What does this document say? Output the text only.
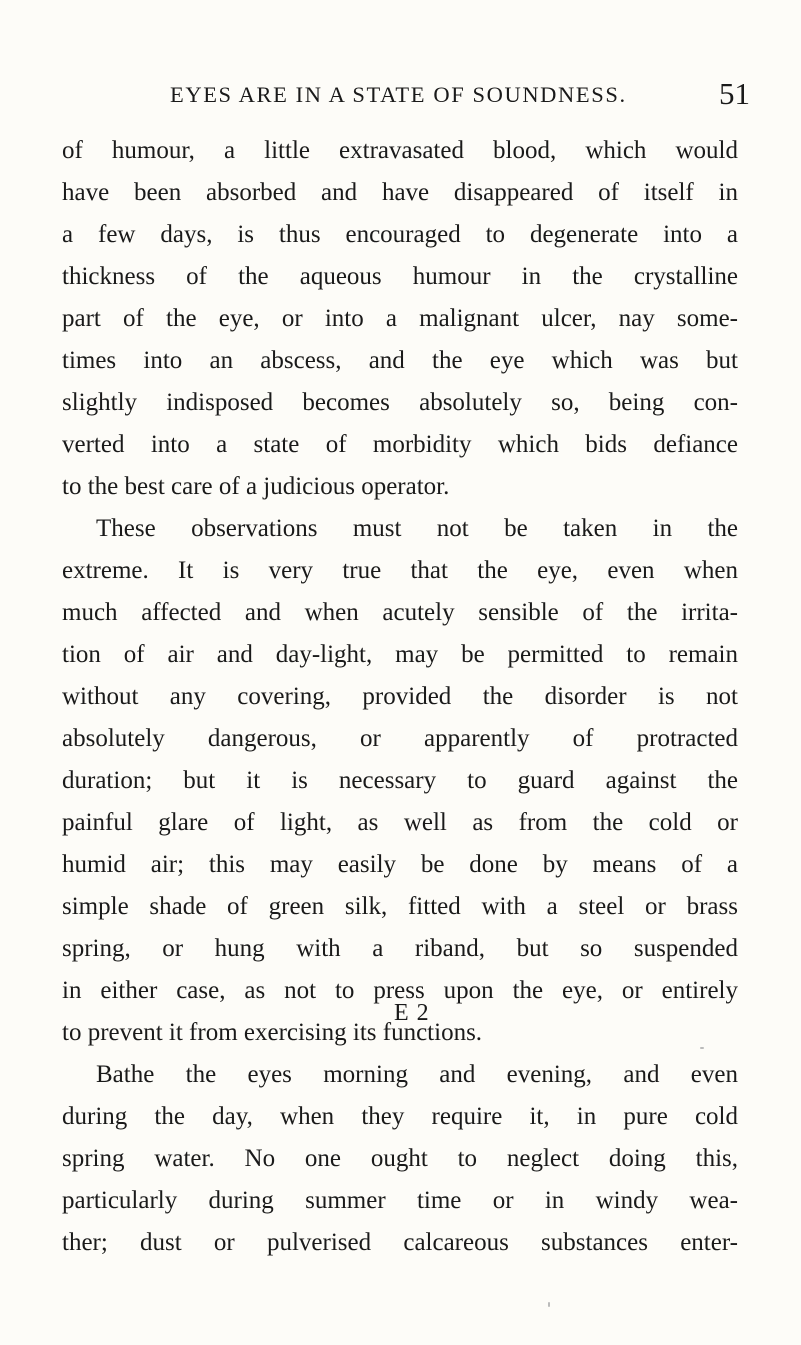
EYES ARE IN A STATE OF SOUNDNESS.	51
of humour, a little extravasated blood, which would
have been absorbed and have disappeared of itself in
a few days, is thus encouraged to degenerate into a
thickness of the aqueous humour in the crystalline
part of the eye, or into a malignant ulcer, nay some-
times into an abscess, and the eye which was but
slightly indisposed becomes absolutely so, being con-
verted into a state of morbidity which bids defiance
to the best care of a judicious operator.
These observations must not be taken in the
extreme. It is very true that the eye, even when
much affected and when acutely sensible of the irrita-
tion of air and day-light, may be permitted to remain
without any covering, provided the disorder is not
absolutely dangerous, or apparently of protracted
duration; but it is necessary to guard against the
painful glare of light, as well as from the cold or
humid air; this may easily be done by means of a
simple shade of green silk, fitted with a steel or brass
spring, or hung with a riband, but so suspended
in either case, as not to press upon the eye, or entirely
to prevent it from exercising its functions.
Bathe the eyes morning and evening, and even
during the day, when they require it, in pure cold
spring water. No one ought to neglect doing this,
particularly during summer time or in windy wea-
ther; dust or pulverised calcareous substances enter-
E 2
